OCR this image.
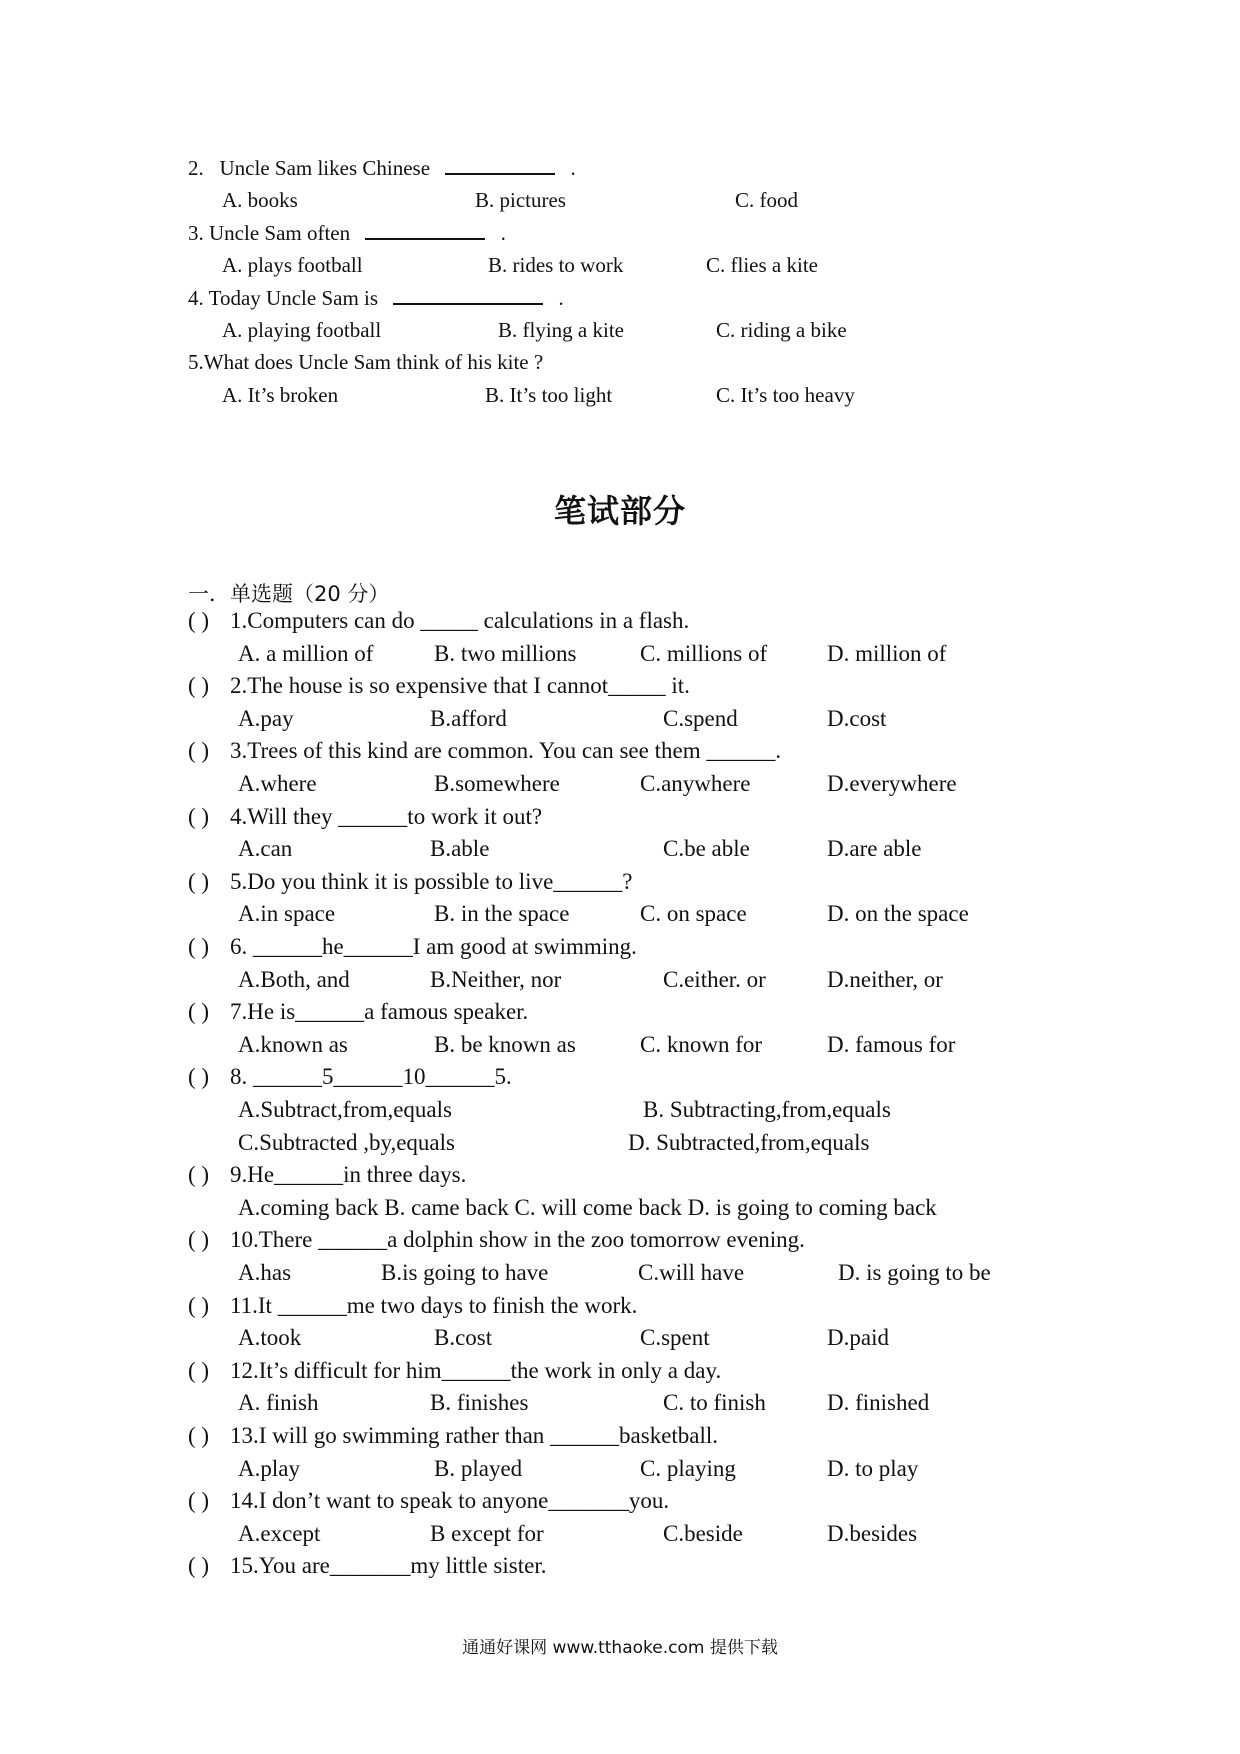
2. Uncle Sam likes Chinese	.
A. books	B. pictures	C. food
3. Uncle Sam often	.
A. plays football	B. rides to work	C. flies a kite
4. Today Uncle Sam is	.
A. playing football	B. flying a kite	C. riding a bike
5.What does Uncle Sam think of his kite ?
A. It’s broken	B. It’s too light	C. It’s too heavy
笔试部分
一．单选题（20 分）
( ) 1.Computers can do _____ calculations in a flash.
A. a million of	B. two millions	C. millions of	D. million of
( ) 2.The house is so expensive that I cannot_____ it.
A.pay	B.afford	C.spend	D.cost
( ) 3.Trees of this kind are common. You can see them ______.
A.where	B.somewhere	C.anywhere	D.everywhere
( ) 4.Will they ______to work it out?
A.can	B.able	C.be able	D.are able
( ) 5.Do you think it is possible to live______?
A.in space	B. in the space	C. on space	D. on the space
( ) 6. ______he______I am good at swimming.
A.Both, and	B.Neither, nor	C.either. or	D.neither, or
( ) 7.He is______a famous speaker.
A.known as	B. be known as	C. known for	D. famous for
( ) 8. ______5______10______5.
A.Subtract,from,equals	B. Subtracting,from,equals
C.Subtracted ,by,equals	D. Subtracted,from,equals
( ) 9.He______in three days.
A.coming back B. came back C. will come back D. is going to coming back
( ) 10.There ______a dolphin show in the zoo tomorrow evening.
A.has	B.is going to have	C.will have	D. is going to be
( ) 11.It ______me two days to finish the work.
A.took	B.cost	C.spent	D.paid
( ) 12.It’s difficult for him______the work in only a day.
A. finish	B. finishes	C. to finish	D. finished
( ) 13.I will go swimming rather than ______basketball.
A.play	B. played	C. playing	D. to play
( ) 14.I don’t want to speak to anyone_______you.
A.except	B except for	C.beside	D.besides
( ) 15.You are_______my little sister.
通通好课网 www.tthaoke.com 提供下载
